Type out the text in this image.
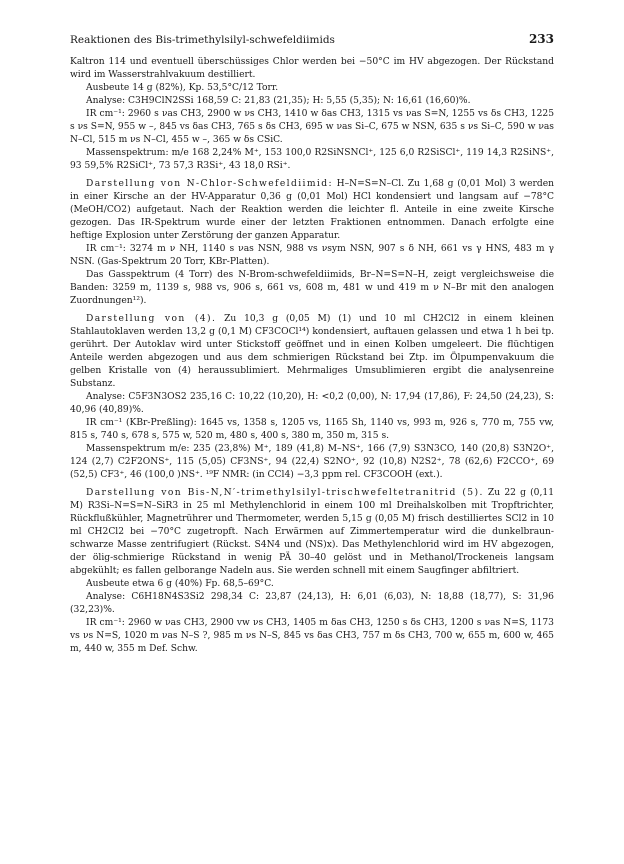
Reaktionen des Bis-trimethylsilyl-schwefeldiimids	233

Kaltron 114 und eventuell überschüssiges Chlor werden bei −50°C im HV abgezogen. Der Rückstand wird im Wasserstrahlvakuum destilliert.

Ausbeute 14 g (82%), Kp. 53,5°C/12 Torr.

Analyse: C3H9ClN2SSi 168,59 C: 21,83 (21,35); H: 5,55 (5,35); N: 16,61 (16,60)%.

IR cm⁻¹: 2960 s νas CH3, 2900 w νs CH3, 1410 w δas CH3, 1315 vs νas S=N, 1255 vs δs CH3, 1225 s νs S=N, 955 w –, 845 vs δas CH3, 765 s δs CH3, 695 w νas Si–C, 675 w NSN, 635 s νs Si–C, 590 w νas N–Cl, 515 m νs N–Cl, 455 w –, 365 w δs CSiC.

Massenspektrum: m/e 168 2,24% M⁺, 153 100,0 R2SiNSNCl⁺, 125 6,0 R2SiSCl⁺, 119 14,3 R2SiNS⁺, 93 59,5% R2SiCl⁺, 73 57,3 R3Si⁺, 43 18,0 RSi⁺.

Darstellung von N-Chlor-Schwefeldiimid: H–N=S=N–Cl. Zu 1,68 g (0,01 Mol) 3 werden in einer Kirsche an der HV-Apparatur 0,36 g (0,01 Mol) HCl kondensiert und langsam auf −78°C (MeOH/CO2) aufgetaut. Nach der Reaktion werden die leichter fl. Anteile in eine zweite Kirsche gezogen. Das IR-Spektrum wurde einer der letzten Fraktionen entnommen. Danach erfolgte eine heftige Explosion unter Zerstörung der ganzen Apparatur.

IR cm⁻¹: 3274 m ν NH, 1140 s νas NSN, 988 vs νsym NSN, 907 s δ NH, 661 vs γ HNS, 483 m γ NSN. (Gas-Spektrum 20 Torr, KBr-Platten).

Das Gasspektrum (4 Torr) des N-Brom-schwefeldiimids, Br–N=S=N–H, zeigt vergleichsweise die Banden: 3259 m, 1139 s, 988 vs, 906 s, 661 vs, 608 m, 481 w und 419 m ν N–Br mit den analogen Zuordnungen¹²).

Darstellung von (4). Zu 10,3 g (0,05 M) (1) und 10 ml CH2Cl2 in einem kleinen Stahlautoklaven werden 13,2 g (0,1 M) CF3COCl¹⁴) kondensiert, auftauen gelassen und etwa 1 h bei tp. gerührt. Der Autoklav wird unter Stickstoff geöffnet und in einen Kolben umgeleert. Die flüchtigen Anteile werden abgezogen und aus dem schmierigen Rückstand bei Ztp. im Ölpumpenvakuum die gelben Kristalle von (4) heraussublimiert. Mehrmaliges Umsublimieren ergibt die analysenreine Substanz.

Analyse: C5F3N3OS2 235,16 C: 10,22 (10,20), H: <0,2 (0,00), N: 17,94 (17,86), F: 24,50 (24,23), S: 40,96 (40,89)%.

IR cm⁻¹ (KBr-Preßling): 1645 vs, 1358 s, 1205 vs, 1165 Sh, 1140 vs, 993 m, 926 s, 770 m, 755 vw, 815 s, 740 s, 678 s, 575 w, 520 m, 480 s, 400 s, 380 m, 350 m, 315 s.

Massenspektrum m/e: 235 (23,8%) M⁺, 189 (41,8) M–NS⁺, 166 (7,9) S3N3CO, 140 (20,8) S3N2O⁺, 124 (2,7) C2F2ONS⁺, 115 (5,05) CF3NS⁺, 94 (22,4) S2NO⁺, 92 (10,8) N2S2⁺, 78 (62,6) F2CCO⁺, 69 (52,5) CF3⁺, 46 (100,0 )NS⁺. ¹⁹F NMR: (in CCl4) −3,3 ppm rel. CF3COOH (ext.).

Darstellung von Bis-N,N′-trimethylsilyl-trischwefeltetranitrid (5). Zu 22 g (0,11 M) R3Si–N=S=N–SiR3 in 25 ml Methylenchlorid in einem 100 ml Dreihalskolben mit Tropftrichter, Rückflußkühler, Magnetrührer und Thermometer, werden 5,15 g (0,05 M) frisch destilliertes SCl2 in 10 ml CH2Cl2 bei −70°C zugetropft. Nach Erwärmen auf Zimmertemperatur wird die dunkelbraun-schwarze Masse zentrifugiert (Rückst. S4N4 und (NS)x). Das Methylenchlorid wird im HV abgezogen, der ölig-schmierige Rückstand in wenig PÄ 30–40 gelöst und in Methanol/Trockeneis langsam abgekühlt; es fallen gelborange Nadeln aus. Sie werden schnell mit einem Saugfinger abfiltriert.

Ausbeute etwa 6 g (40%) Fp. 68,5–69°C.

Analyse: C6H18N4S3Si2 298,34 C: 23,87 (24,13), H: 6,01 (6,03), N: 18,88 (18,77), S: 31,96 (32,23)%.

IR cm⁻¹: 2960 w νas CH3, 2900 vw νs CH3, 1405 m δas CH3, 1250 s δs CH3, 1200 s νas N=S, 1173 vs νs N=S, 1020 m νas N–S ?, 985 m νs N–S, 845 vs δas CH3, 757 m δs CH3, 700 w, 655 m, 600 w, 465 m, 440 w, 355 m Def. Schw.
